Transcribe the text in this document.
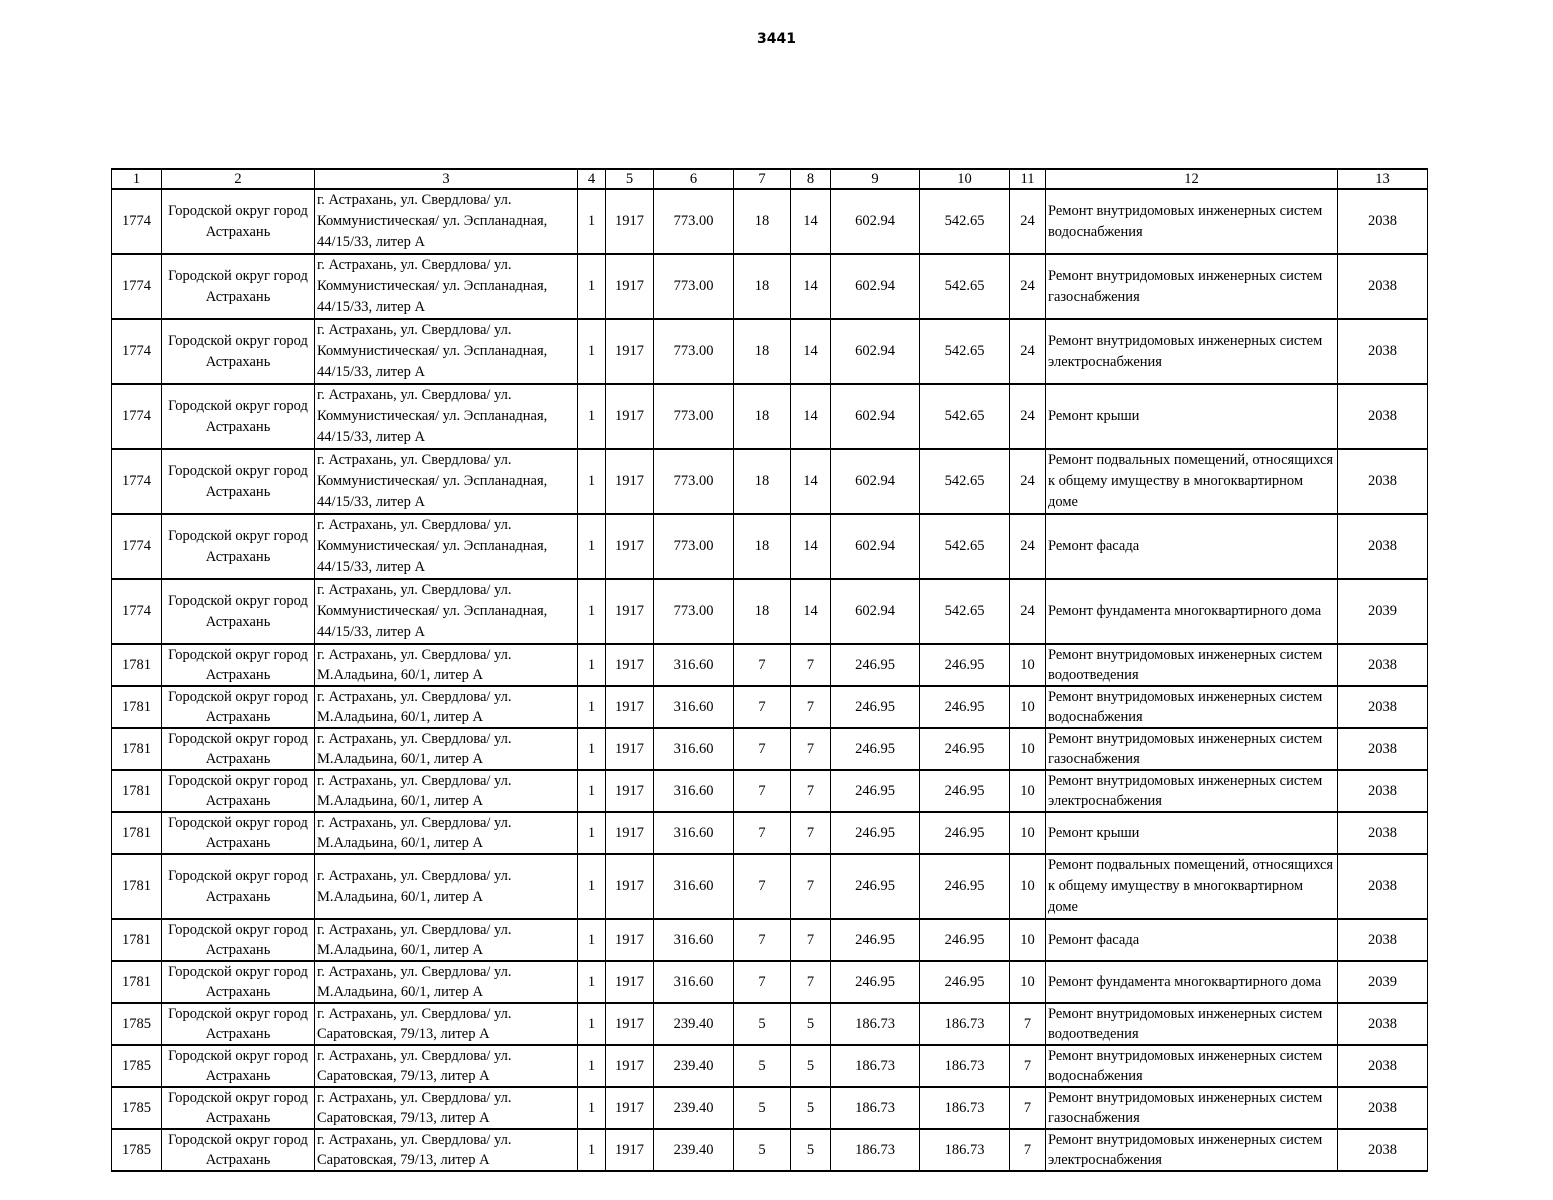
3441
1	2	3	4	5	6	7	8	9	10	11	12	13
1774	Городской округ город Астрахань	г. Астрахань, ул. Свердлова/ ул. Коммунистическая/ ул. Эспланадная, 44/15/33, литер А	1	1917	773.00	18	14	602.94	542.65	24	Ремонт внутридомовых инженерных систем водоснабжения	2038
1774	Городской округ город Астрахань	г. Астрахань, ул. Свердлова/ ул. Коммунистическая/ ул. Эспланадная, 44/15/33, литер А	1	1917	773.00	18	14	602.94	542.65	24	Ремонт внутридомовых инженерных систем газоснабжения	2038
1774	Городской округ город Астрахань	г. Астрахань, ул. Свердлова/ ул. Коммунистическая/ ул. Эспланадная, 44/15/33, литер А	1	1917	773.00	18	14	602.94	542.65	24	Ремонт внутридомовых инженерных систем электроснабжения	2038
1774	Городской округ город Астрахань	г. Астрахань, ул. Свердлова/ ул. Коммунистическая/ ул. Эспланадная, 44/15/33, литер А	1	1917	773.00	18	14	602.94	542.65	24	Ремонт крыши	2038
1774	Городской округ город Астрахань	г. Астрахань, ул. Свердлова/ ул. Коммунистическая/ ул. Эспланадная, 44/15/33, литер А	1	1917	773.00	18	14	602.94	542.65	24	Ремонт подвальных помещений, относящихся к общему имуществу в многоквартирном доме	2038
1774	Городской округ город Астрахань	г. Астрахань, ул. Свердлова/ ул. Коммунистическая/ ул. Эспланадная, 44/15/33, литер А	1	1917	773.00	18	14	602.94	542.65	24	Ремонт фасада	2038
1774	Городской округ город Астрахань	г. Астрахань, ул. Свердлова/ ул. Коммунистическая/ ул. Эспланадная, 44/15/33, литер А	1	1917	773.00	18	14	602.94	542.65	24	Ремонт фундамента многоквартирного дома	2039
1781	Городской округ город Астрахань	г. Астрахань, ул. Свердлова/ ул. М.Аладьина, 60/1, литер А	1	1917	316.60	7	7	246.95	246.95	10	Ремонт внутридомовых инженерных систем водоотведения	2038
1781	Городской округ город Астрахань	г. Астрахань, ул. Свердлова/ ул. М.Аладьина, 60/1, литер А	1	1917	316.60	7	7	246.95	246.95	10	Ремонт внутридомовых инженерных систем водоснабжения	2038
1781	Городской округ город Астрахань	г. Астрахань, ул. Свердлова/ ул. М.Аладьина, 60/1, литер А	1	1917	316.60	7	7	246.95	246.95	10	Ремонт внутридомовых инженерных систем газоснабжения	2038
1781	Городской округ город Астрахань	г. Астрахань, ул. Свердлова/ ул. М.Аладьина, 60/1, литер А	1	1917	316.60	7	7	246.95	246.95	10	Ремонт внутридомовых инженерных систем электроснабжения	2038
1781	Городской округ город Астрахань	г. Астрахань, ул. Свердлова/ ул. М.Аладьина, 60/1, литер А	1	1917	316.60	7	7	246.95	246.95	10	Ремонт крыши	2038
1781	Городской округ город Астрахань	г. Астрахань, ул. Свердлова/ ул. М.Аладьина, 60/1, литер А	1	1917	316.60	7	7	246.95	246.95	10	Ремонт подвальных помещений, относящихся к общему имуществу в многоквартирном доме	2038
1781	Городской округ город Астрахань	г. Астрахань, ул. Свердлова/ ул. М.Аладьина, 60/1, литер А	1	1917	316.60	7	7	246.95	246.95	10	Ремонт фасада	2038
1781	Городской округ город Астрахань	г. Астрахань, ул. Свердлова/ ул. М.Аладьина, 60/1, литер А	1	1917	316.60	7	7	246.95	246.95	10	Ремонт фундамента многоквартирного дома	2039
1785	Городской округ город Астрахань	г. Астрахань, ул. Свердлова/ ул. Саратовская, 79/13, литер А	1	1917	239.40	5	5	186.73	186.73	7	Ремонт внутридомовых инженерных систем водоотведения	2038
1785	Городской округ город Астрахань	г. Астрахань, ул. Свердлова/ ул. Саратовская, 79/13, литер А	1	1917	239.40	5	5	186.73	186.73	7	Ремонт внутридомовых инженерных систем водоснабжения	2038
1785	Городской округ город Астрахань	г. Астрахань, ул. Свердлова/ ул. Саратовская, 79/13, литер А	1	1917	239.40	5	5	186.73	186.73	7	Ремонт внутридомовых инженерных систем газоснабжения	2038
1785	Городской округ город Астрахань	г. Астрахань, ул. Свердлова/ ул. Саратовская, 79/13, литер А	1	1917	239.40	5	5	186.73	186.73	7	Ремонт внутридомовых инженерных систем электроснабжения	2038
